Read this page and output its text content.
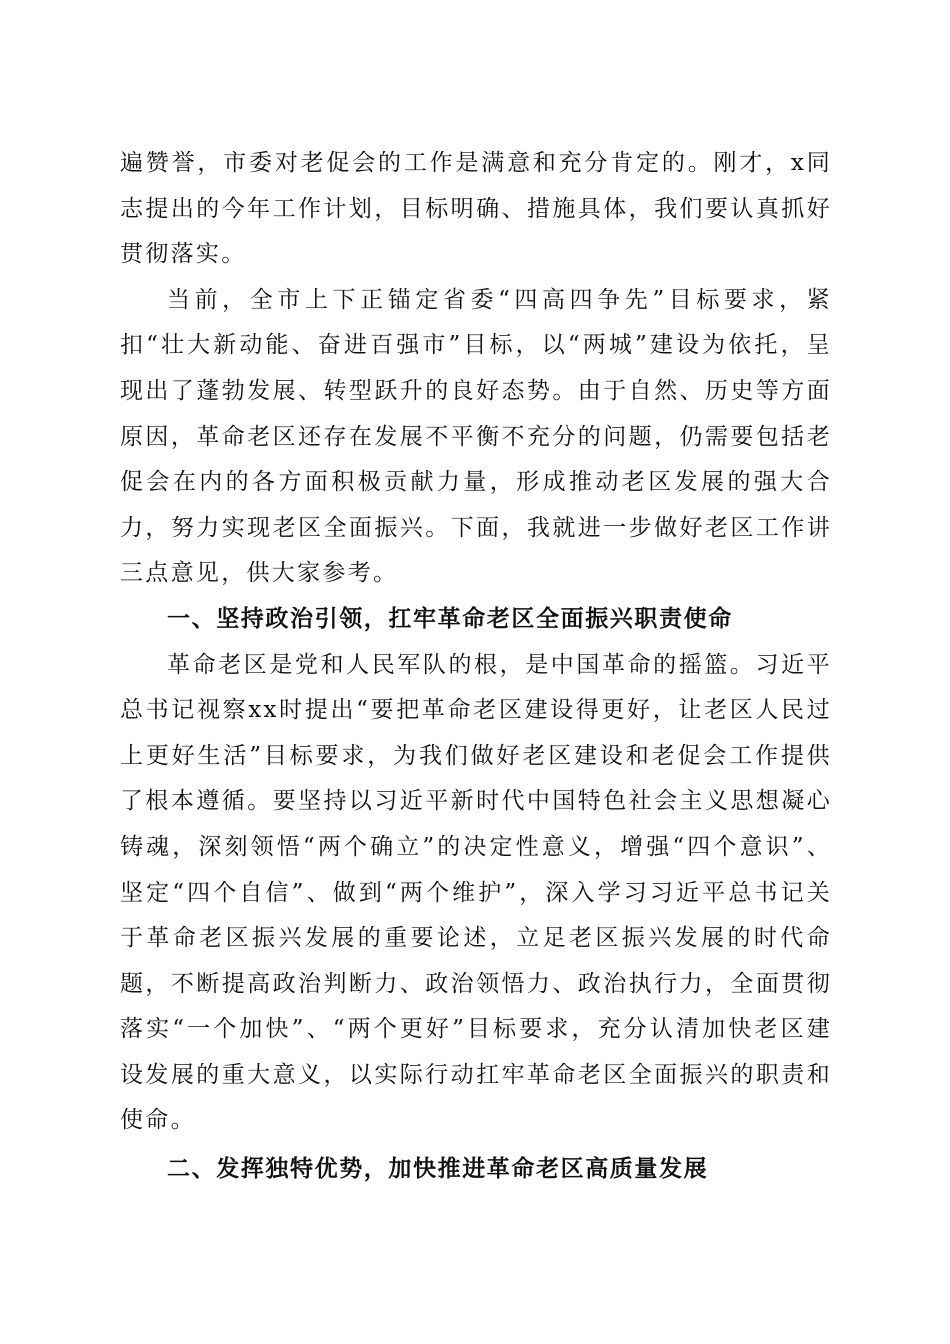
遍赞誉，市委对老促会的工作是满意和充分肯定的。刚才，x同志提出的今年工作计划，目标明确、措施具体，我们要认真抓好贯彻落实。

当前，全市上下正锚定省委“四高四争先”目标要求，紧扣“壮大新动能、奋进百强市”目标，以“两城”建设为依托，呈现出了蓬勃发展、转型跃升的良好态势。由于自然、历史等方面原因，革命老区还存在发展不平衡不充分的问题，仍需要包括老促会在内的各方面积极贡献力量，形成推动老区发展的强大合力，努力实现老区全面振兴。下面，我就进一步做好老区工作讲三点意见，供大家参考。

一、坚持政治引领，扛牢革命老区全面振兴职责使命

革命老区是党和人民军队的根，是中国革命的摇篮。习近平总书记视察xx时提出“要把革命老区建设得更好，让老区人民过上更好生活”目标要求，为我们做好老区建设和老促会工作提供了根本遵循。要坚持以习近平新时代中国特色社会主义思想凝心铸魂，深刻领悟“两个确立”的决定性意义，增强“四个意识”、坚定“四个自信”、做到“两个维护”，深入学习习近平总书记关于革命老区振兴发展的重要论述，立足老区振兴发展的时代命题，不断提高政治判断力、政治领悟力、政治执行力，全面贯彻落实“一个加快”、“两个更好”目标要求，充分认清加快老区建设发展的重大意义，以实际行动扛牢革命老区全面振兴的职责和使命。

二、发挥独特优势，加快推进革命老区高质量发展
